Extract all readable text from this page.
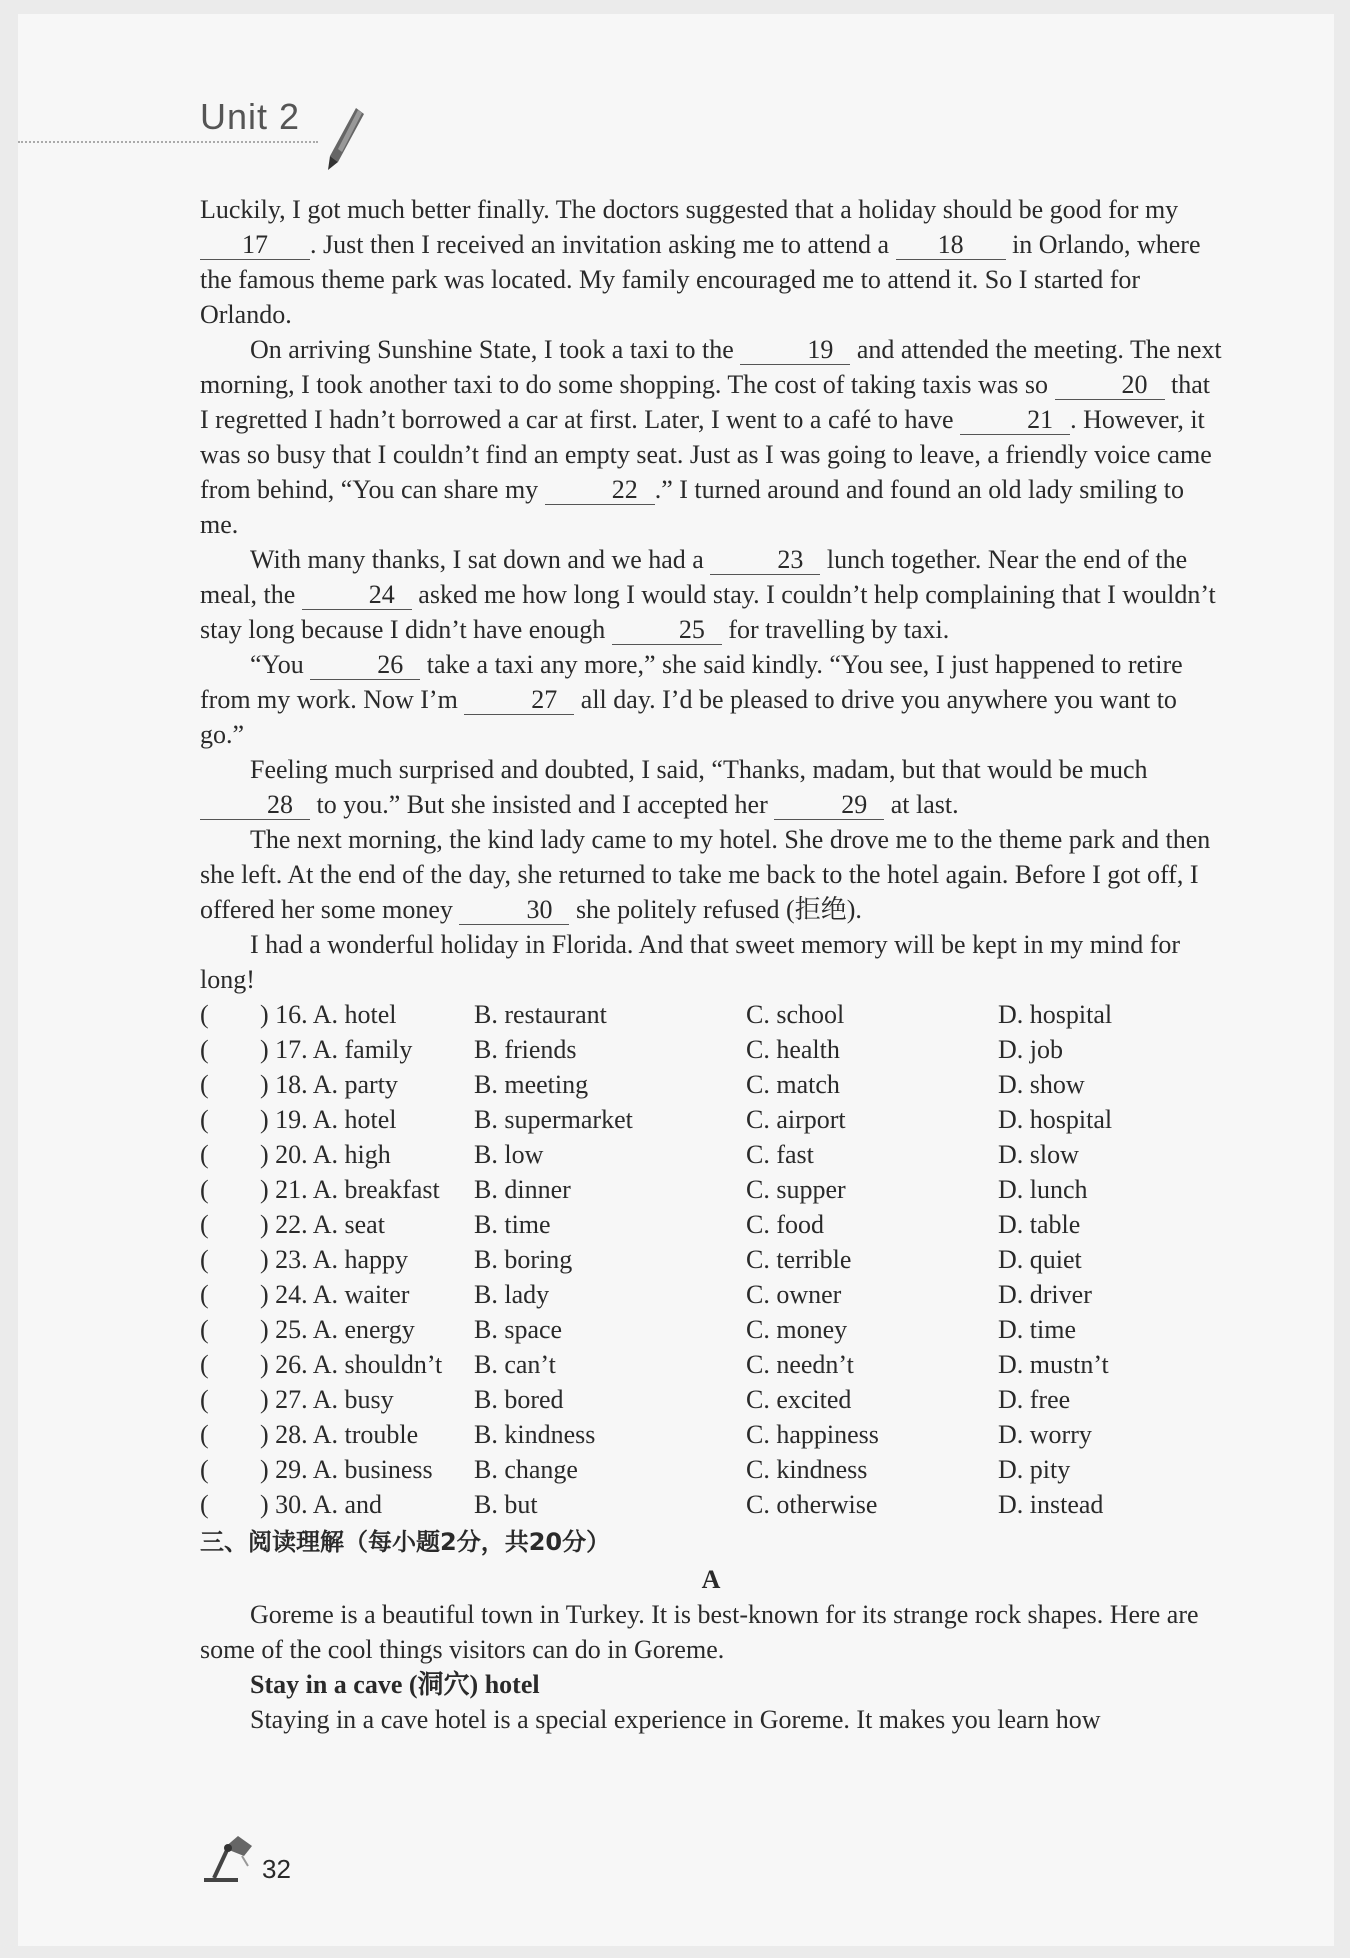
Unit 2

Luckily, I got much better finally. The doctors suggested that a holiday should be good for my 17 . Just then I received an invitation asking me to attend a 18 in Orlando, where the famous theme park was located. My family encouraged me to attend it. So I started for Orlando.

On arriving Sunshine State, I took a taxi to the	19 and attended the meeting. The next morning, I took another taxi to do some shopping. The cost of taking taxis was so	20 that I regretted I hadn’t borrowed a car at first. Later, I went to a café to have	21 . However, it was so busy that I couldn’t find an empty seat. Just as I was going to leave, a friendly voice came from behind, “You can share my	22 .” I turned around and found an old lady smiling to me.

With many thanks, I sat down and we had a	23 lunch together. Near the end of the meal, the	24 asked me how long I would stay. I couldn’t help complaining that I wouldn’t stay long because I didn’t have enough	25 for travelling by taxi.

“You	26 take a taxi any more,” she said kindly. “You see, I just happened to retire from my work. Now I’m	27 all day. I’d be pleased to drive you anywhere you want to go.”

Feeling much surprised and doubted, I said, “Thanks, madam, but that would be much 28 to you.” But she insisted and I accepted her	29 at last.

The next morning, the kind lady came to my hotel. She drove me to the theme park and then she left. At the end of the day, she returned to take me back to the hotel again. Before I got off, I offered her some money	30 she politely refused (拒绝).

I had a wonderful holiday in Florida. And that sweet memory will be kept in my mind for long!

(	) 16. A. hotel	B. restaurant	C. school	D. hospital
(	) 17. A. family	B. friends	C. health	D. job
(	) 18. A. party	B. meeting	C. match	D. show
(	) 19. A. hotel	B. supermarket	C. airport	D. hospital
(	) 20. A. high	B. low	C. fast	D. slow
(	) 21. A. breakfast	B. dinner	C. supper	D. lunch
(	) 22. A. seat	B. time	C. food	D. table
(	) 23. A. happy	B. boring	C. terrible	D. quiet
(	) 24. A. waiter	B. lady	C. owner	D. driver
(	) 25. A. energy	B. space	C. money	D. time
(	) 26. A. shouldn’t	B. can’t	C. needn’t	D. mustn’t
(	) 27. A. busy	B. bored	C. excited	D. free
(	) 28. A. trouble	B. kindness	C. happiness	D. worry
(	) 29. A. business	B. change	C. kindness	D. pity
(	) 30. A. and	B. but	C. otherwise	D. instead
三、阅读理解（每小题2分，共20分）
A

Goreme is a beautiful town in Turkey. It is best-known for its strange rock shapes. Here are some of the cool things visitors can do in Goreme.

Stay in a cave (洞穴) hotel

Staying in a cave hotel is a special experience in Goreme. It makes you learn how

32
